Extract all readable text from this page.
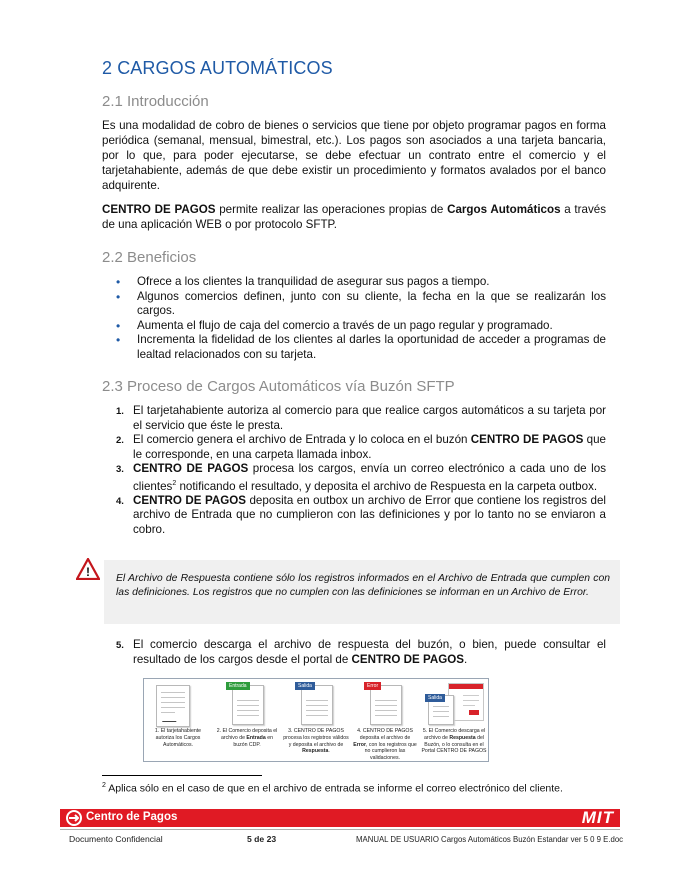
2 CARGOS AUTOMÁTICOS
2.1 Introducción
Es una modalidad de cobro de bienes o servicios que tiene por objeto programar pagos en forma periódica (semanal, mensual, bimestral, etc.). Los pagos son asociados a una tarjeta bancaria, por lo que, para poder ejecutarse, se debe efectuar un contrato entre el comercio y el tarjetahabiente, además de que debe existir un procedimiento y formatos avalados por el banco adquirente.
CENTRO DE PAGOS permite realizar las operaciones propias de Cargos Automáticos a través de una aplicación WEB o por protocolo SFTP.
2.2 Beneficios
• Ofrece a los clientes la tranquilidad de asegurar sus pagos a tiempo.
• Algunos comercios definen, junto con su cliente, la fecha en la que se realizarán los cargos.
• Aumenta el flujo de caja del comercio a través de un pago regular y programado.
• Incrementa la fidelidad de los clientes al darles la oportunidad de acceder a programas de lealtad relacionados con su tarjeta.
2.3 Proceso de Cargos Automáticos vía Buzón SFTP
1. El tarjetahabiente autoriza al comercio para que realice cargos automáticos a su tarjeta por el servicio que éste le presta.
2. El comercio genera el archivo de Entrada y lo coloca en el buzón CENTRO DE PAGOS que le corresponde, en una carpeta llamada inbox.
3. CENTRO DE PAGOS procesa los cargos, envía un correo electrónico a cada uno de los clientes$^2$ notificando el resultado, y deposita el archivo de Respuesta en la carpeta outbox.
4. CENTRO DE PAGOS deposita en outbox un archivo de Error que contiene los registros del archivo de Entrada que no cumplieron con las definiciones y por lo tanto no se enviaron a cobro.
!	El Archivo de Respuesta contiene sólo los registros informados en el Archivo de Entrada que cumplen con las definiciones. Los registros que no cumplen con las definiciones se informan en un Archivo de Error.

5. El comercio descarga el archivo de respuesta del buzón, o bien, puede consultar el resultado de los cargos desde el portal de CENTRO DE PAGOS.
1. El tarjetahabiente autoriza los Cargos Automáticos.
Entrada
2. El Comercio deposita el archivo de Entrada en buzón CDP.
Salida
3. CENTRO DE PAGOS procesa los registros válidos y deposita el archivo de Respuesta.
Error
4. CENTRO DE PAGOS deposita el archivo de Error, con los registros que no cumplieron las validaciones.
Salida
5. El Comercio descarga el archivo de Respuesta del Buzón, o lo consulta en el Portal CENTRO DE PAGOS
$^2$ Aplica sólo en el caso de que en el archivo de entrada se informe el correo electrónico del cliente.
Centro de Pagos	MIT
Documento Confidencial	5 de 23	MANUAL DE USUARIO Cargos Automáticos Buzón Estandar ver 5 0 9 E.doc
